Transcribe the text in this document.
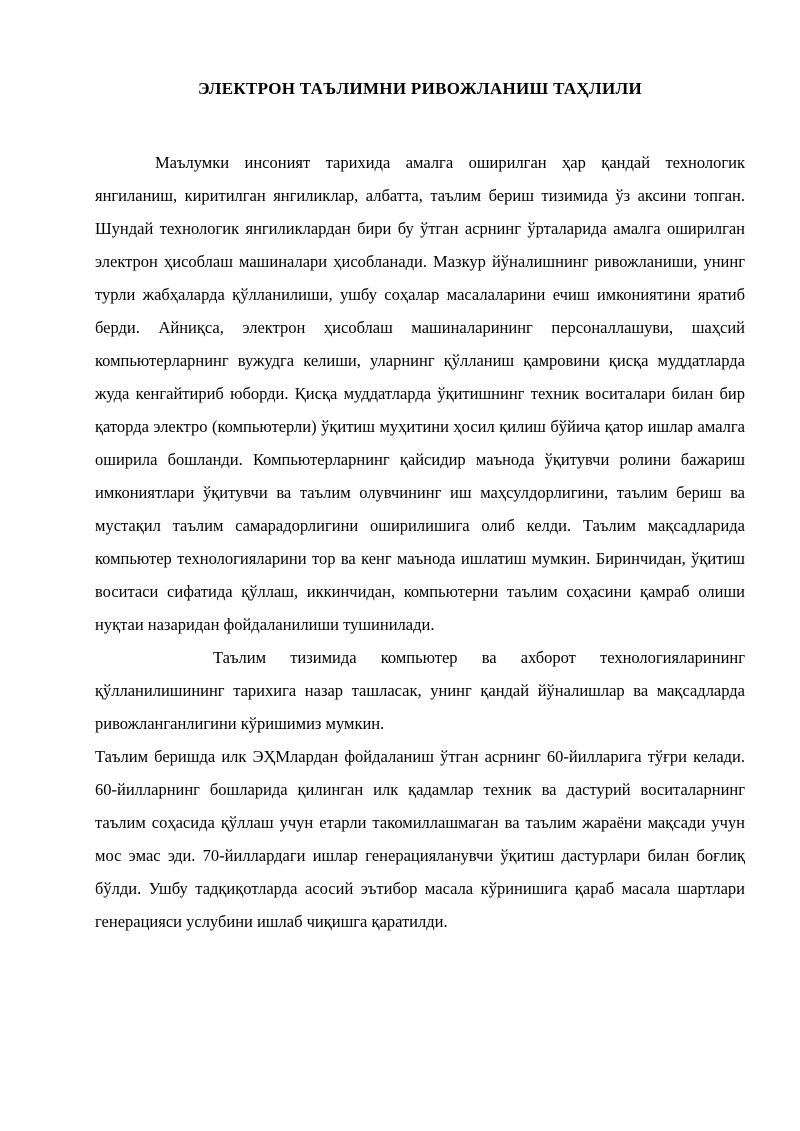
ЭЛЕКТРОН ТАЪЛИМНИ РИВОЖЛАНИШ ТАҲЛИЛИ

Маълумки инсоният тарихида амалга оширилган ҳар қандай технологик янгиланиш, киритилган янгиликлар, албатта, таълим бериш тизимида ўз аксини топган. Шундай технологик янгиликлардан бири бу ўтган асрнинг ўрталарида амалга оширилган электрон ҳисоблаш машиналари ҳисобланади. Мазкур йўналишнинг ривожланиши, унинг турли жабҳаларда қўлланилиши, ушбу соҳалар масалаларини ечиш имкониятини яратиб берди. Айниқса, электрон ҳисоблаш машиналарининг персоналлашуви, шаҳсий компьютерларнинг вужудга келиши, уларнинг қўлланиш қамровини қисқа муддатларда жуда кенгайтириб юборди. Қисқа муддатларда ўқитишнинг техник воситалари билан бир қаторда электро (компьютерли) ўқитиш муҳитини ҳосил қилиш бўйича қатор ишлар амалга оширила бошланди. Компьютерларнинг қайсидир маънода ўқитувчи ролини бажариш имкониятлари ўқитувчи ва таълим олувчининг иш маҳсулдорлигини, таълим бериш ва мустақил таълим самарадорлигини оширилишига олиб келди. Таълим мақсадларида компьютер технологияларини тор ва кенг маънода ишлатиш мумкин. Биринчидан, ўқитиш воситаси сифатида қўллаш, иккинчидан, компьютерни таълим соҳасини қамраб олиши нуқтаи назаридан фойдаланилиши тушинилади.

Таълим тизимида компьютер ва ахборот технологияларининг қўлланилишининг тарихига назар ташласак, унинг қандай йўналишлар ва мақсадларда ривожланганлигини кўришимиз мумкин.

Таълим беришда илк ЭҲМлардан фойдаланиш ўтган асрнинг 60-йилларига тўғри келади. 60-йилларнинг бошларида қилинган илк қадамлар техник ва дастурий воситаларнинг таълим соҳасида қўллаш учун етарли такомиллашмаган ва таълим жараёни мақсади учун мос эмас эди. 70-йиллардаги ишлар генерацияланувчи ўқитиш дастурлари билан боғлиқ бўлди. Ушбу тадқиқотларда асосий эътибор масала кўринишига қараб масала шартлари генерацияси услубини ишлаб чиқишга қаратилди.
